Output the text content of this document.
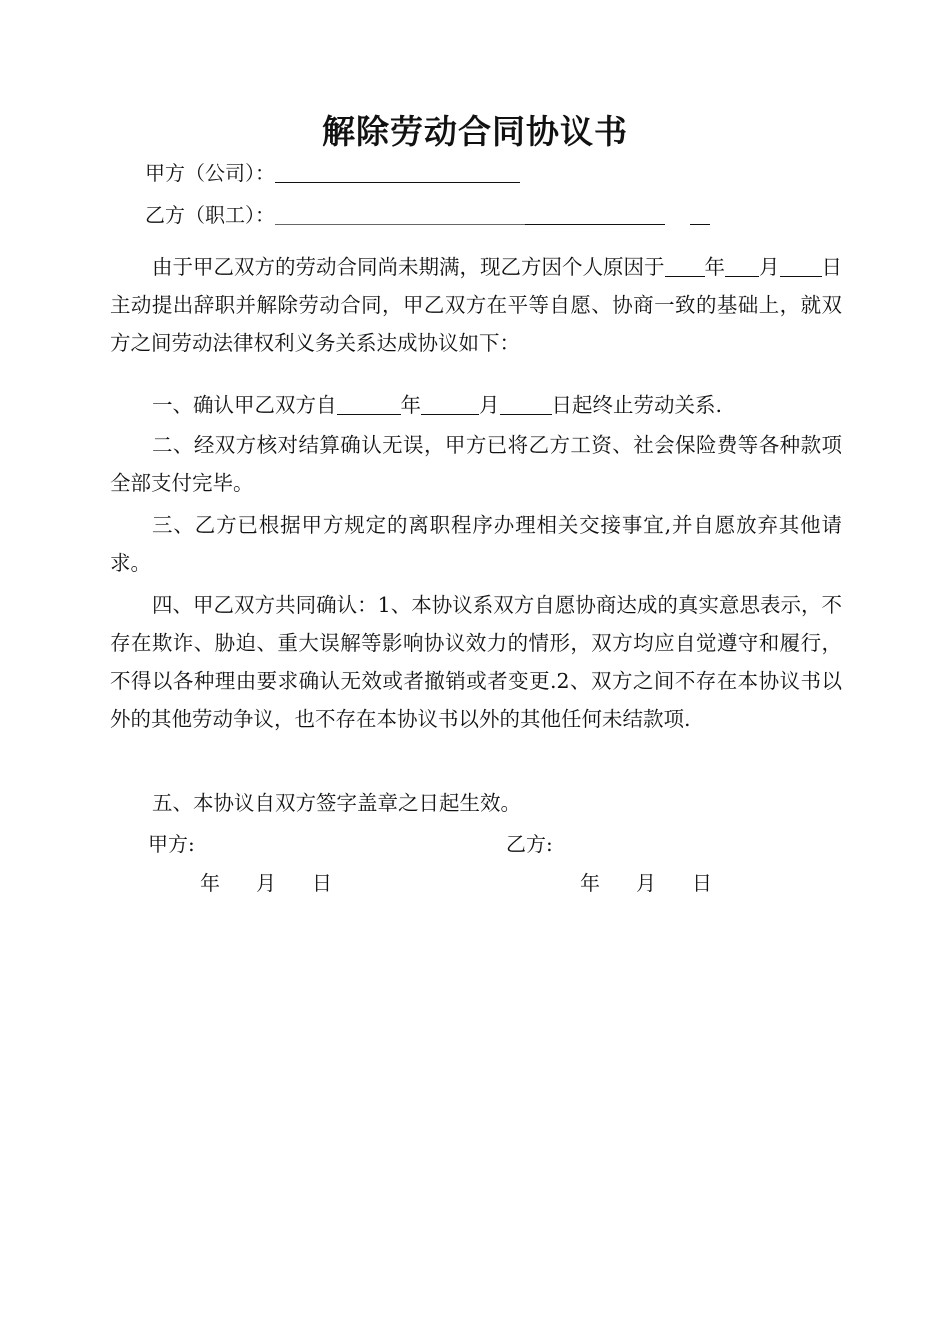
解除劳动合同协议书
甲方（公司）：
乙方（职工）：
由于甲乙双方的劳动合同尚未期满，现乙方因个人原因于 年 月 日主动提出辞职并解除劳动合同，甲乙双方在平等自愿、协商一致的基础上，就双方之间劳动法律权利义务关系达成协议如下：
一、确认甲乙双方自	年	月	日起终止劳动关系.
二、经双方核对结算确认无误，甲方已将乙方工资、社会保险费等各种款项全部支付完毕。
三、乙方已根据甲方规定的离职程序办理相关交接事宜,并自愿放弃其他请求。
四、甲乙双方共同确认：1、本协议系双方自愿协商达成的真实意思表示，不存在欺诈、胁迫、重大误解等影响协议效力的情形，双方均应自觉遵守和履行，不得以各种理由要求确认无效或者撤销或者变更.2、双方之间不存在本协议书以外的其他劳动争议，也不存在本协议书以外的其他任何未结款项.
五、本协议自双方签字盖章之日起生效。
甲方:	乙方:
年 月 日	年 月 日
